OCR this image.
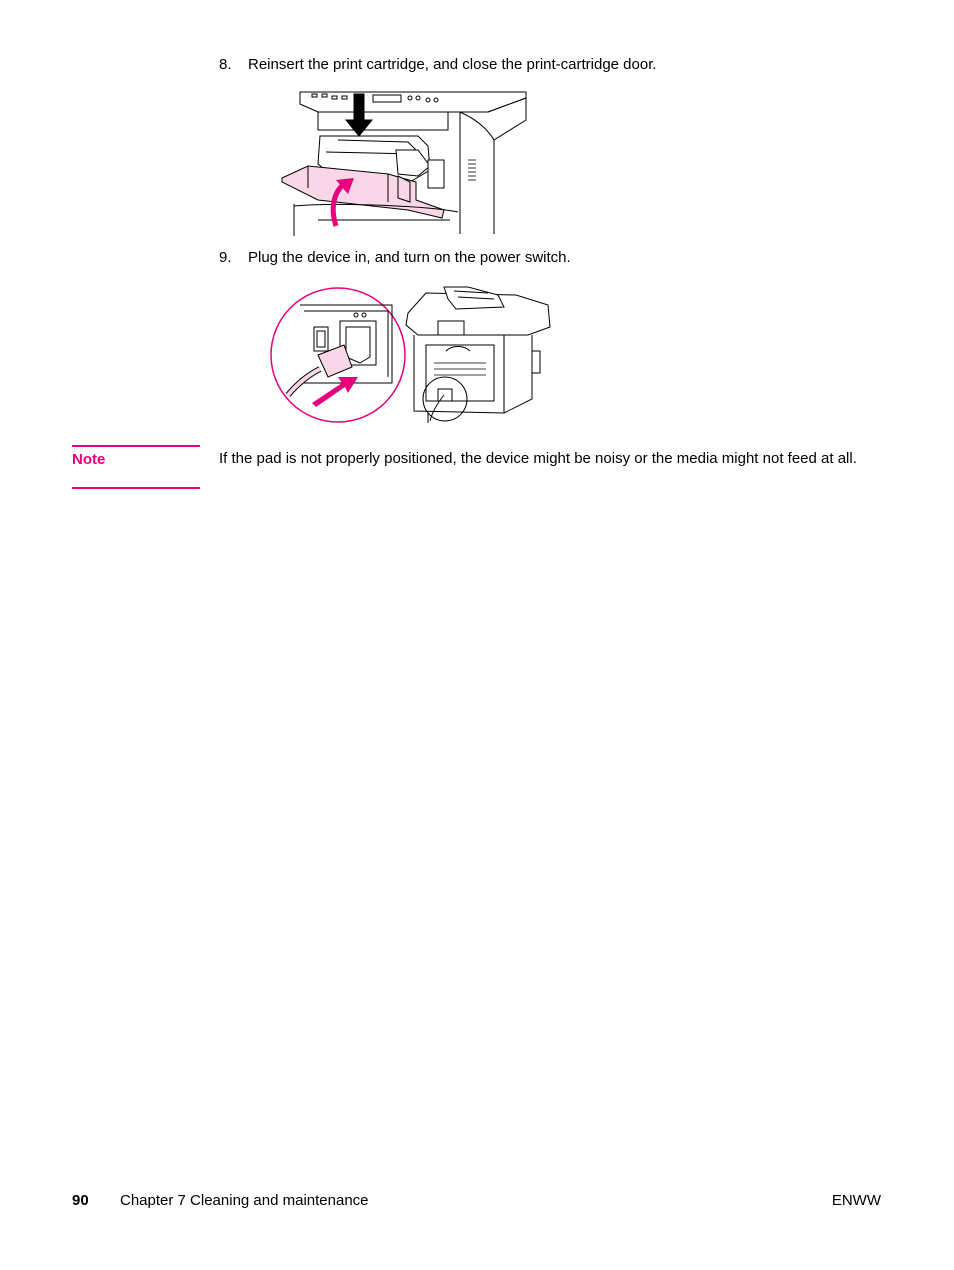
8. Reinsert the print cartridge, and close the print-cartridge door.
9. Plug the device in, and turn on the power switch.
Note	If the pad is not properly positioned, the device might be noisy or the media might not feed at all.
90 Chapter 7 Cleaning and maintenance	ENWW
